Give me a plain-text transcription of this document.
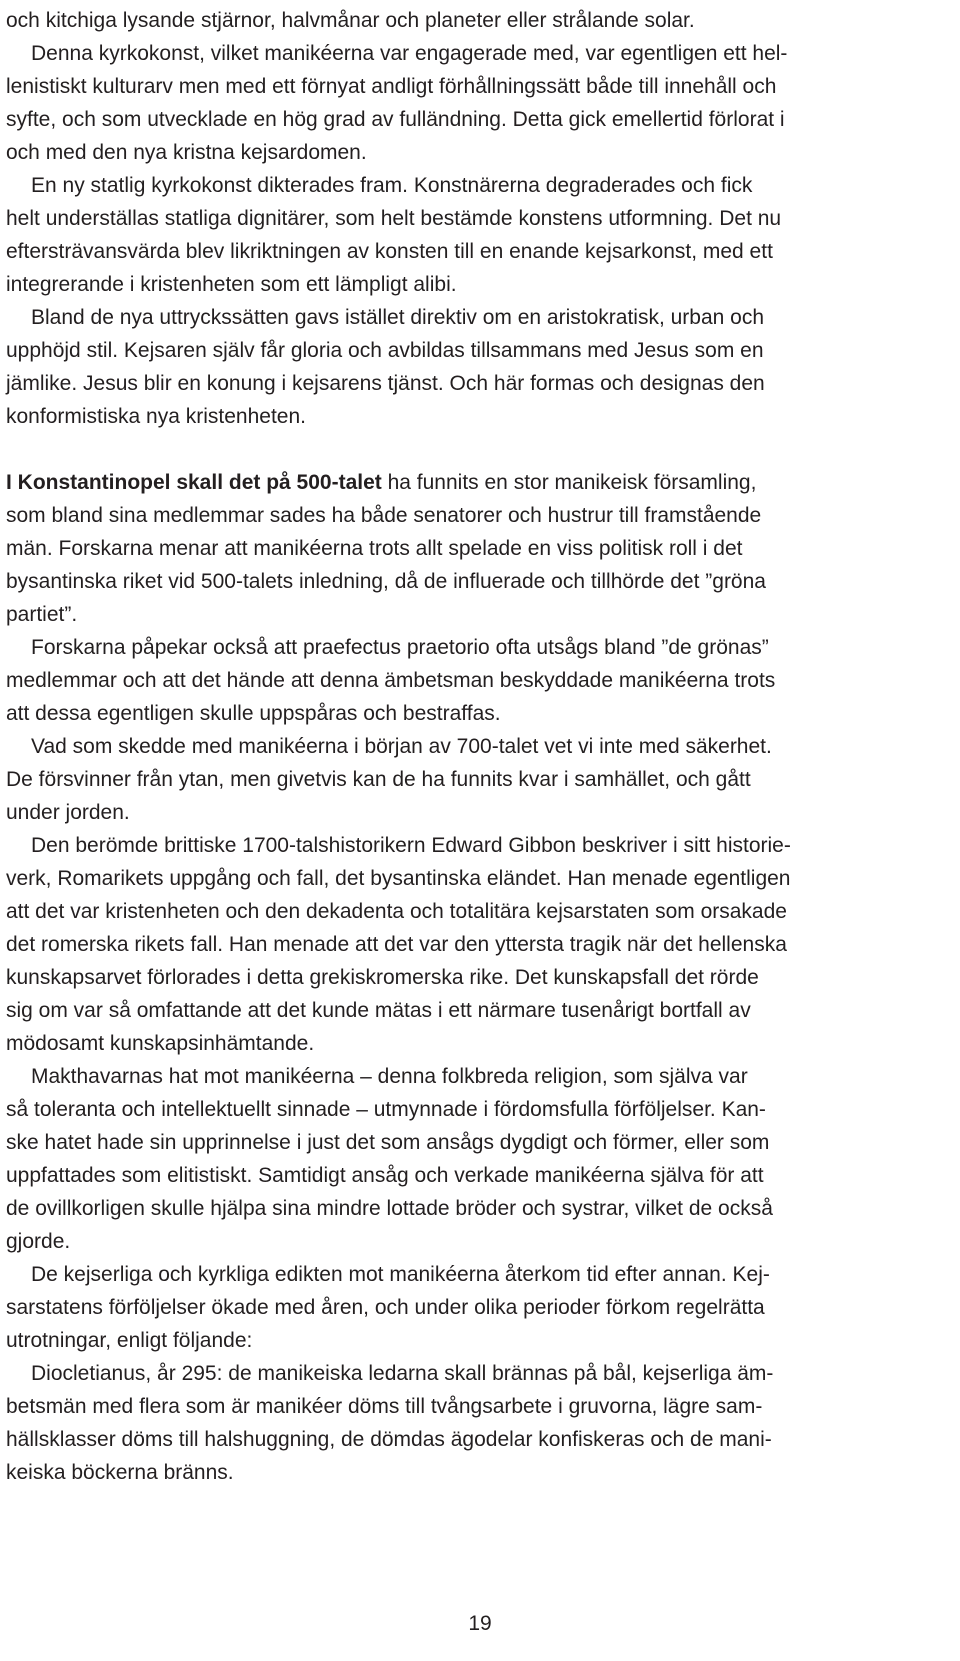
och kitchiga lysande stjärnor, halvmånar och planeter eller strålande solar.
Denna kyrkokonst, vilket manikéerna var engagerade med, var egentligen ett hel-
lenistiskt kulturarv men med ett förnyat andligt förhållningssätt både till innehåll och
syfte, och som utvecklade en hög grad av fulländning. Detta gick emellertid förlorat i
och med den nya kristna kejsardomen.
En ny statlig kyrkokonst dikterades fram. Konstnärerna degraderades och fick
helt underställas statliga dignitärer, som helt bestämde konstens utformning. Det nu
eftersträvansvärda blev likriktningen av konsten till en enande kejsarkonst, med ett
integrerande i kristenheten som ett lämpligt alibi.
Bland de nya uttryckssätten gavs istället direktiv om en aristokratisk, urban och
upphöjd stil. Kejsaren själv får gloria och avbildas tillsammans med Jesus som en
jämlike. Jesus blir en konung i kejsarens tjänst. Och här formas och designas den
konformistiska nya kristenheten.
I Konstantinopel skall det på 500-talet ha funnits en stor manikeisk församling,
som bland sina medlemmar sades ha både senatorer och hustrur till framstående
män. Forskarna menar att manikéerna trots allt spelade en viss politisk roll i det
bysantinska riket vid 500-talets inledning, då de influerade och tillhörde det ”gröna
partiet”.
Forskarna påpekar också att praefectus praetorio ofta utsågs bland ”de grönas”
medlemmar och att det hände att denna ämbetsman beskyddade manikéerna trots
att dessa egentligen skulle uppspåras och bestraffas.
Vad som skedde med manikéerna i början av 700-talet vet vi inte med säkerhet.
De försvinner från ytan, men givetvis kan de ha funnits kvar i samhället, och gått
under jorden.
Den berömde brittiske 1700-talshistorikern Edward Gibbon beskriver i sitt historie-
verk, Romarikets uppgång och fall, det bysantinska eländet. Han menade egentligen
att det var kristenheten och den dekadenta och totalitära kejsarstaten som orsakade
det romerska rikets fall. Han menade att det var den yttersta tragik när det hellenska
kunskapsarvet förlorades i detta grekiskromerska rike. Det kunskapsfall det rörde
sig om var så omfattande att det kunde mätas i ett närmare tusenårigt bortfall av
mödosamt kunskapsinhämtande.
Makthavarnas hat mot manikéerna – denna folkbreda religion, som själva var
så toleranta och intellektuellt sinnade – utmynnade i fördomsfulla förföljelser. Kan-
ske hatet hade sin upprinnelse i just det som ansågs dygdigt och förmer, eller som
uppfattades som elitistiskt. Samtidigt ansåg och verkade manikéerna själva för att
de ovillkorligen skulle hjälpa sina mindre lottade bröder och systrar, vilket de också
gjorde.
De kejserliga och kyrkliga edikten mot manikéerna återkom tid efter annan. Kej-
sarstatens förföljelser ökade med åren, och under olika perioder förkom regelrätta
utrotningar, enligt följande:
Diocletianus, år 295: de manikeiska ledarna skall brännas på bål, kejserliga äm-
betsmän med flera som är manikéer döms till tvångsarbete i gruvorna, lägre sam-
hällsklasser döms till halshuggning, de dömdas ägodelar konfiskeras och de mani-
keiska böckerna bränns.
19
